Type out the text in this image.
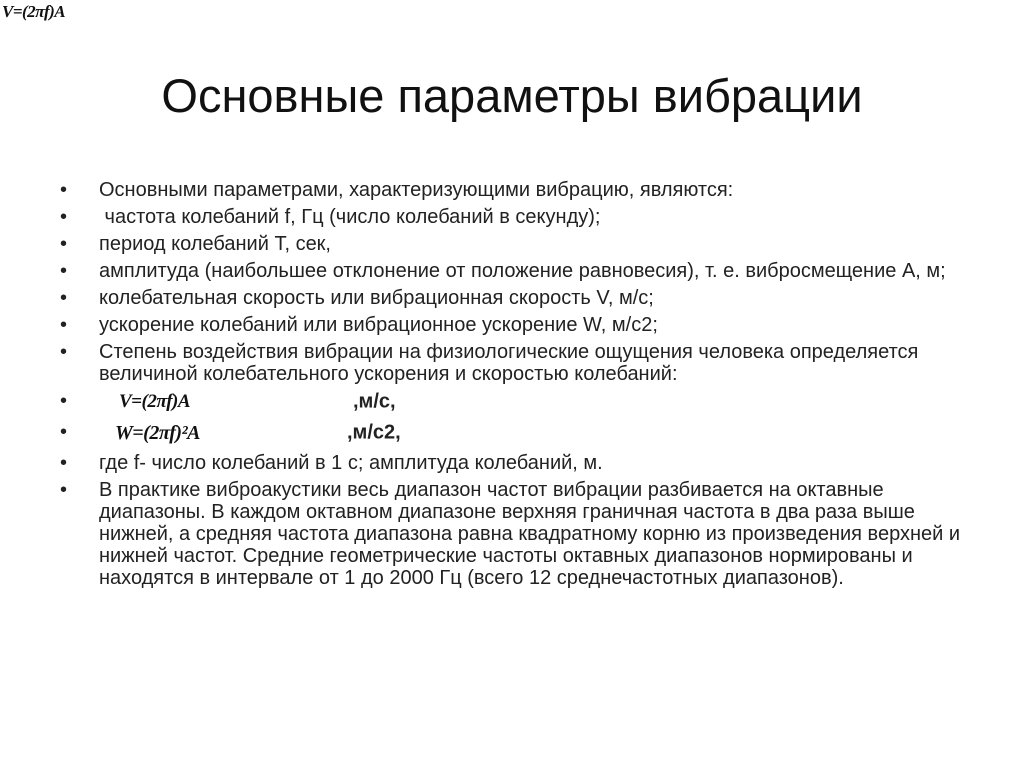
V=(2πf)A
Основные параметры вибрации
• Основными параметрами, характеризующими вибрацию, являются:
• частота колебаний f, Гц (число колебаний в секунду);
• период колебаний Т, сек,
• амплитуда (наибольшее отклонение от положение равновесия), т. е. вибросмещение А, м;
• колебательная скорость или вибрационная скорость V, м/с;
• ускорение колебаний или вибрационное ускорение W, м/с2;
• Степень воздействия вибрации на физиологические ощущения человека определяется величиной колебательного ускорения и скоростью колебаний:
•	V=(2πf)A	,м/с,
• W=(2πf)²A	,м/с2,
• где f- число колебаний в 1 с; амплитуда колебаний, м.
• В практике виброакустики весь диапазон частот вибрации разбивается на октавные диапазоны. В каждом октавном диапазоне верхняя граничная частота в два раза выше нижней, а средняя частота диапазона равна квадратному корню из произведения верхней и нижней частот. Средние геометрические частоты октавных диапазонов нормированы и находятся в интервале от 1 до 2000 Гц (всего 12 среднечастотных диапазонов).
